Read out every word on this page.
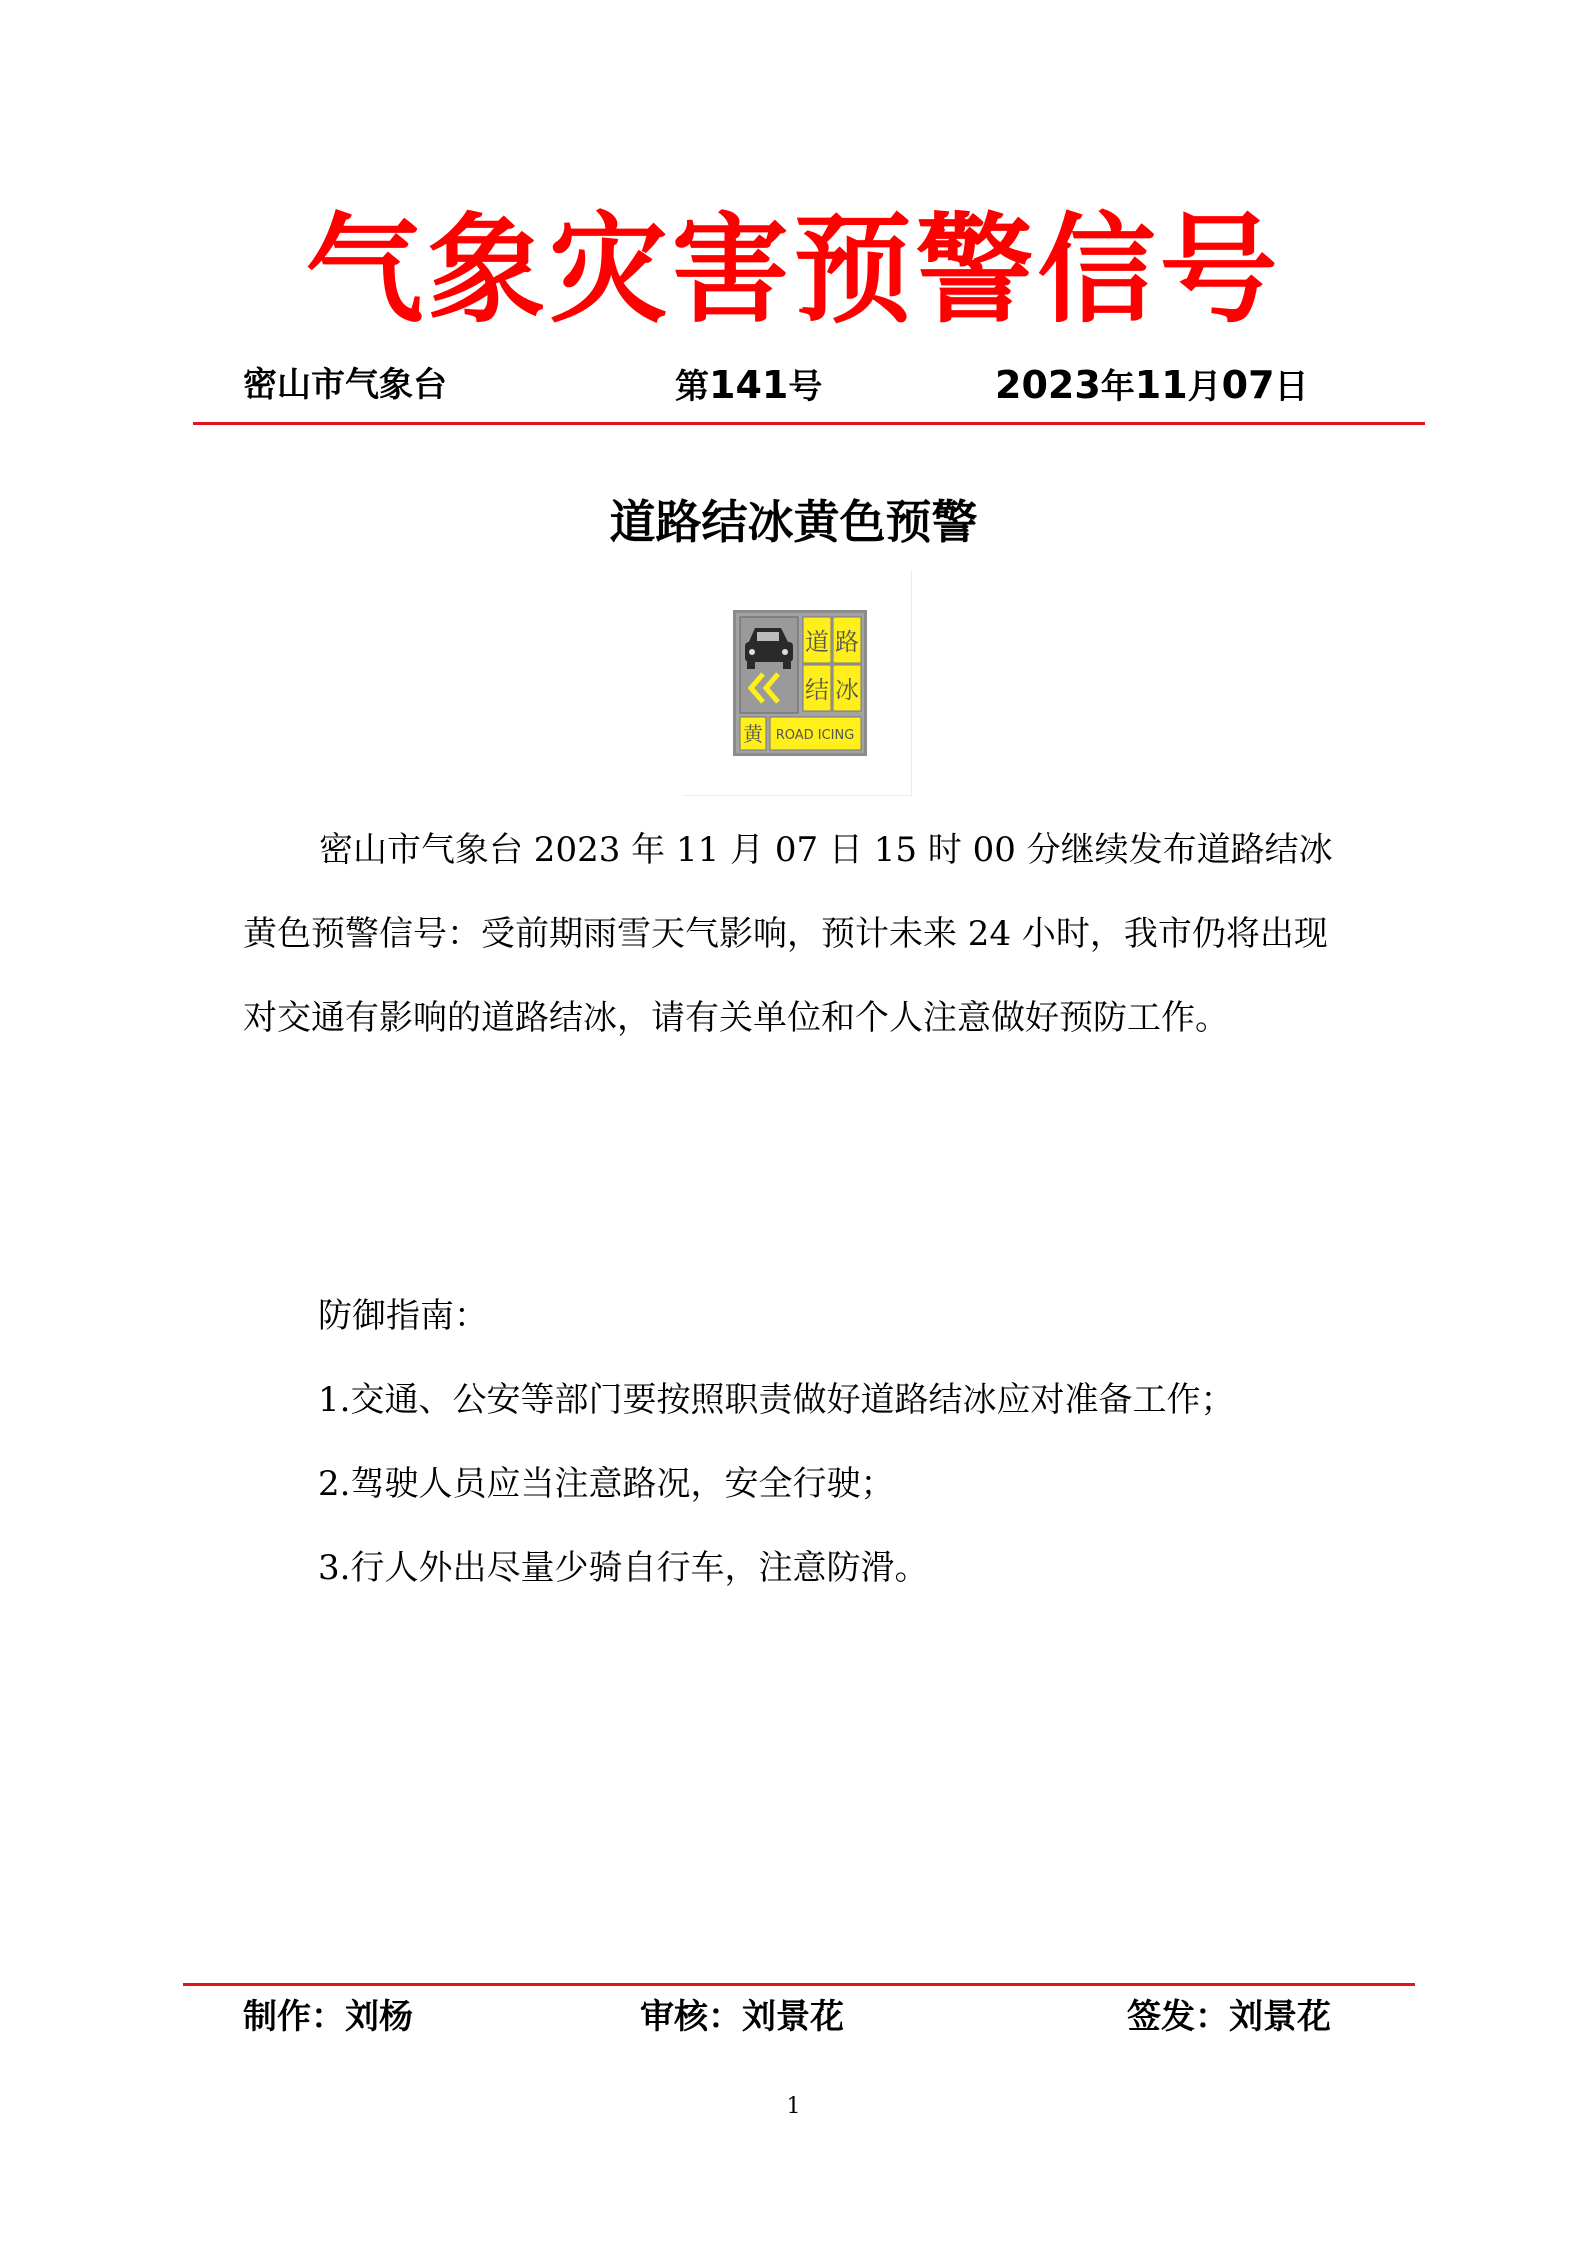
气象灾害预警信号
密山市气象台	第141号	2023年11月07日
道路结冰黄色预警
道 路
结 冰
黄 ROAD ICING
密山市气象台 2023 年 11 月 07 日 15 时 00 分继续发布道路结冰黄色预警信号：受前期雨雪天气影响，预计未来 24 小时，我市仍将出现对交通有影响的道路结冰，请有关单位和个人注意做好预防工作。
防御指南：
1.交通、公安等部门要按照职责做好道路结冰应对准备工作；
2.驾驶人员应当注意路况，安全行驶；
3.行人外出尽量少骑自行车，注意防滑。
制作：刘杨	审核：刘景花	签发：刘景花
1
